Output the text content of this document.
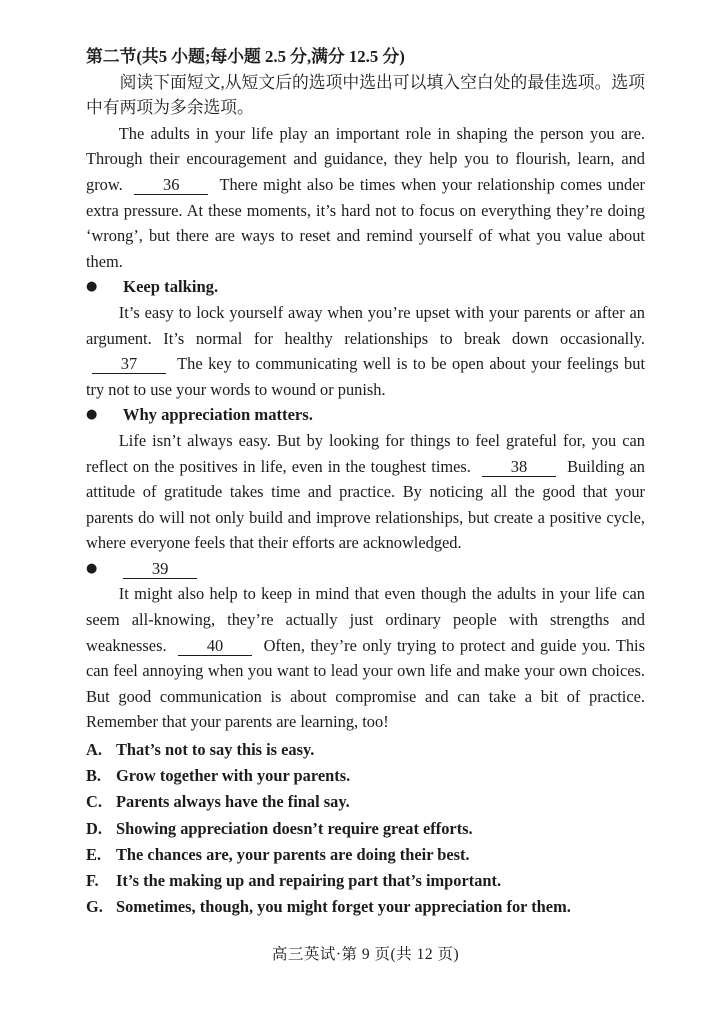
第二节(共5 小题;每小题 2.5 分,满分 12.5 分)

阅读下面短文,从短文后的选项中选出可以填入空白处的最佳选项。选项中有两项为多余选项。

The adults in your life play an important role in shaping the person you are. Through their encouragement and guidance, they help you to flourish, learn, and grow. 36 There might also be times when your relationship comes under extra pressure. At these moments, it’s hard not to focus on everything they’re doing ‘wrong’, but there are ways to reset and remind yourself of what you value about them.

● Keep talking.

It’s easy to lock yourself away when you’re upset with your parents or after an argument. It’s normal for healthy relationships to break down occasionally. 37 The key to communicating well is to be open about your feelings but try not to use your words to wound or punish.

● Why appreciation matters.

Life isn’t always easy. But by looking for things to feel grateful for, you can reflect on the positives in life, even in the toughest times. 38 Building an attitude of gratitude takes time and practice. By noticing all the good that your parents do will not only build and improve relationships, but create a positive cycle, where everyone feels that their efforts are acknowledged.

●	39

It might also help to keep in mind that even though the adults in your life can seem all-knowing, they’re actually just ordinary people with strengths and weaknesses. 40 Often, they’re only trying to protect and guide you. This can feel annoying when you want to lead your own life and make your own choices. But good communication is about compromise and can take a bit of practice. Remember that your parents are learning, too!

A. That’s not to say this is easy.

B. Grow together with your parents.

C. Parents always have the final say.

D. Showing appreciation doesn’t require great efforts.

E. The chances are, your parents are doing their best.

F.	It’s the making up and repairing part that’s important.

G. Sometimes, though, you might forget your appreciation for them.

高三英试·第 9 页(共 12 页)
